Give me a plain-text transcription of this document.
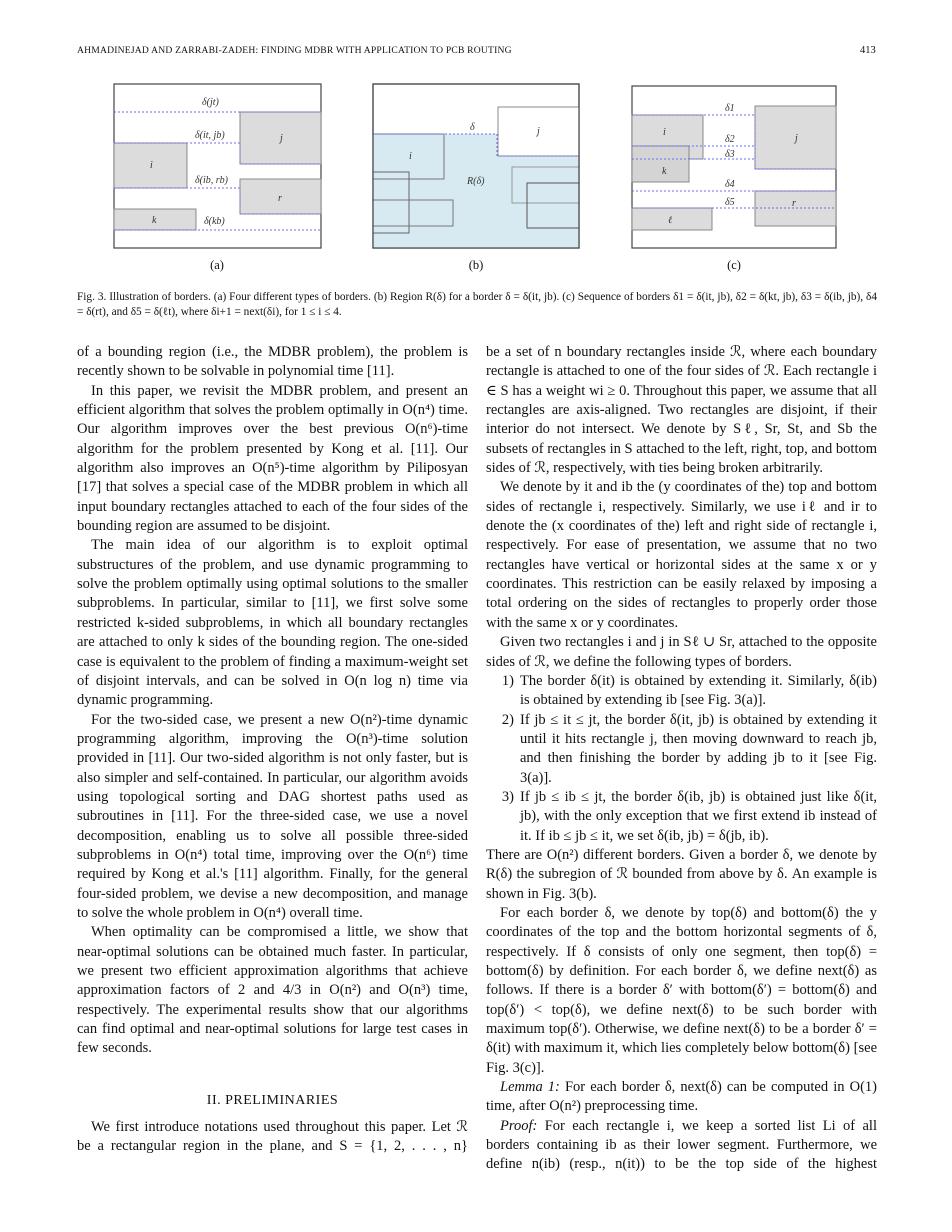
AHMADINEJAD AND ZARRABI-ZADEH: FINDING MDBR WITH APPLICATION TO PCB ROUTING	413
δ(jt)
δ(it, jb)
δ(ib, rb)
δ(kb)
i
j
r
k
(a)
δ
i
j
R(δ)
(b)
δ1
δ2
δ3
δ4
δ5
i
j
k
ℓ
r
(c)
Fig. 3. Illustration of borders. (a) Four different types of borders. (b) Region R(δ) for a border δ = δ(it, jb). (c) Sequence of borders δ1 = δ(it, jb), δ2 = δ(kt, jb), δ3 = δ(ib, jb), δ4 = δ(rt), and δ5 = δ(ℓt), where δi+1 = next(δi), for 1 ≤ i ≤ 4.

of a bounding region (i.e., the MDBR problem), the problem is recently shown to be solvable in polynomial time [11].

In this paper, we revisit the MDBR problem, and present an efficient algorithm that solves the problem optimally in O(n⁴) time. Our algorithm improves over the best previous O(n⁶)-time algorithm for the problem presented by Kong et al. [11]. Our algorithm also improves an O(n⁵)-time algorithm by Piliposyan [17] that solves a special case of the MDBR problem in which all input boundary rectangles attached to each of the four sides of the bounding region are assumed to be disjoint.

The main idea of our algorithm is to exploit optimal substructures of the problem, and use dynamic programming to solve the problem optimally using optimal solutions to the smaller subproblems. In particular, similar to [11], we first solve some restricted k-sided subproblems, in which all boundary rectangles are attached to only k sides of the bounding region. The one-sided case is equivalent to the problem of finding a maximum-weight set of disjoint intervals, and can be solved in O(n log n) time via dynamic programming.

For the two-sided case, we present a new O(n²)-time dynamic programming algorithm, improving the O(n³)-time solution provided in [11]. Our two-sided algorithm is not only faster, but is also simpler and self-contained. In particular, our algorithm avoids using topological sorting and DAG shortest paths used as subroutines in [11]. For the three-sided case, we use a novel decomposition, enabling us to solve all possible three-sided subproblems in O(n⁴) total time, improving over the O(n⁶) time required by Kong et al.'s [11] algorithm. Finally, for the general four-sided problem, we devise a new decomposition, and manage to solve the whole problem in O(n⁴) overall time.

When optimality can be compromised a little, we show that near-optimal solutions can be obtained much faster. In particular, we present two efficient approximation algorithms that achieve approximation factors of 2 and 4/3 in O(n²) and O(n³) time, respectively. The experimental results show that our algorithms can find optimal and near-optimal solutions for large test cases in few seconds.

II. PRELIMINARIES

We first introduce notations used throughout this paper. Let ℛ be a rectangular region in the plane, and S = {1, 2, . . . , n}

be a set of n boundary rectangles inside ℛ, where each boundary rectangle is attached to one of the four sides of ℛ. Each rectangle i ∈ S has a weight wi ≥ 0. Throughout this paper, we assume that all rectangles are axis-aligned. Two rectangles are disjoint, if their interior do not intersect. We denote by Sℓ, Sr, St, and Sb the subsets of rectangles in S attached to the left, right, top, and bottom sides of ℛ, respectively, with ties being broken arbitrarily.

We denote by it and ib the (y coordinates of the) top and bottom sides of rectangle i, respectively. Similarly, we use iℓ and ir to denote the (x coordinates of the) left and right side of rectangle i, respectively. For ease of presentation, we assume that no two rectangles have vertical or horizontal sides at the same x or y coordinates. This restriction can be easily relaxed by imposing a total ordering on the sides of rectangles to properly order those with the same x or y coordinates.

Given two rectangles i and j in Sℓ ∪ Sr, attached to the opposite sides of ℛ, we define the following types of borders.

1) The border δ(it) is obtained by extending it. Similarly, δ(ib) is obtained by extending ib [see Fig. 3(a)].
2) If jb ≤ it ≤ jt, the border δ(it, jb) is obtained by extending it until it hits rectangle j, then moving downward to reach jb, and then finishing the border by adding jb to it [see Fig. 3(a)].
3) If jb ≤ ib ≤ jt, the border δ(ib, jb) is obtained just like δ(it, jb), with the only exception that we first extend ib instead of it. If ib ≤ jb ≤ it, we set δ(ib, jb) = δ(jb, ib).

There are O(n²) different borders. Given a border δ, we denote by R(δ) the subregion of ℛ bounded from above by δ. An example is shown in Fig. 3(b).

For each border δ, we denote by top(δ) and bottom(δ) the y coordinates of the top and the bottom horizontal segments of δ, respectively. If δ consists of only one segment, then top(δ) = bottom(δ) by definition. For each border δ, we define next(δ) as follows. If there is a border δ′ with bottom(δ′) = bottom(δ) and top(δ′) < top(δ), we define next(δ) to be such border with maximum top(δ′). Otherwise, we define next(δ) to be a border δ′ = δ(it) with maximum it, which lies completely below bottom(δ) [see Fig. 3(c)].

Lemma 1: For each border δ, next(δ) can be computed in O(1) time, after O(n²) preprocessing time.

Proof: For each rectangle i, we keep a sorted list Li of all borders containing ib as their lower segment. Furthermore, we define n(ib) (resp., n(it)) to be the top side of the highest
